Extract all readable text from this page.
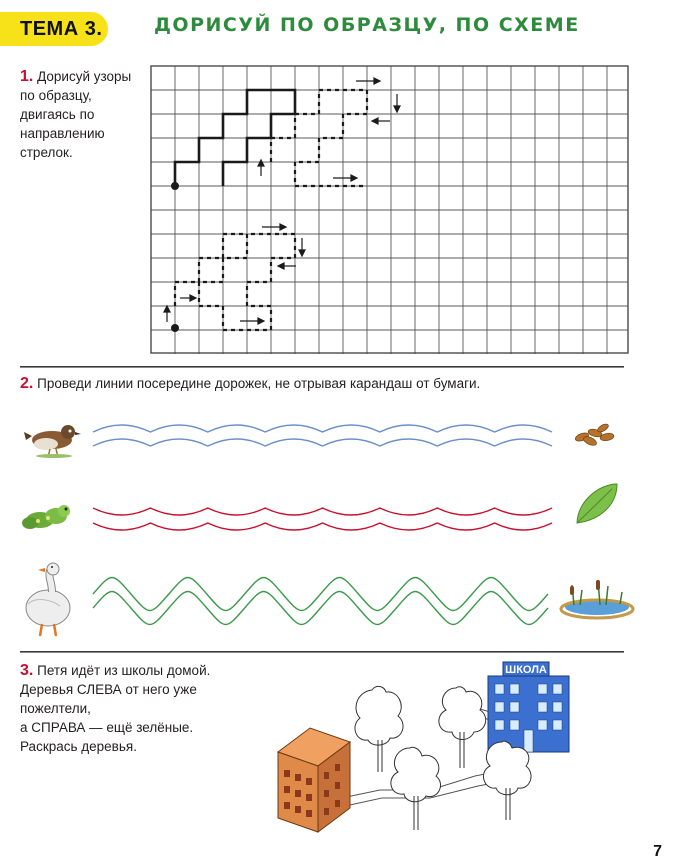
ТЕМА 3.	ДОРИСУЙ ПО ОБРАЗЦУ, ПО СХЕМЕ
1. Дорисуй узоры по образцу, двигаясь по направлению стрелок.
ШКОЛА
2. Проведи линии посередине дорожек, не отрывая карандаш от бумаги.
3. Петя идёт из школы домой.
Деревья СЛЕВА от него уже
пожелтели,
а СПРАВА — ещё зелёные.
Раскрась деревья.
7
